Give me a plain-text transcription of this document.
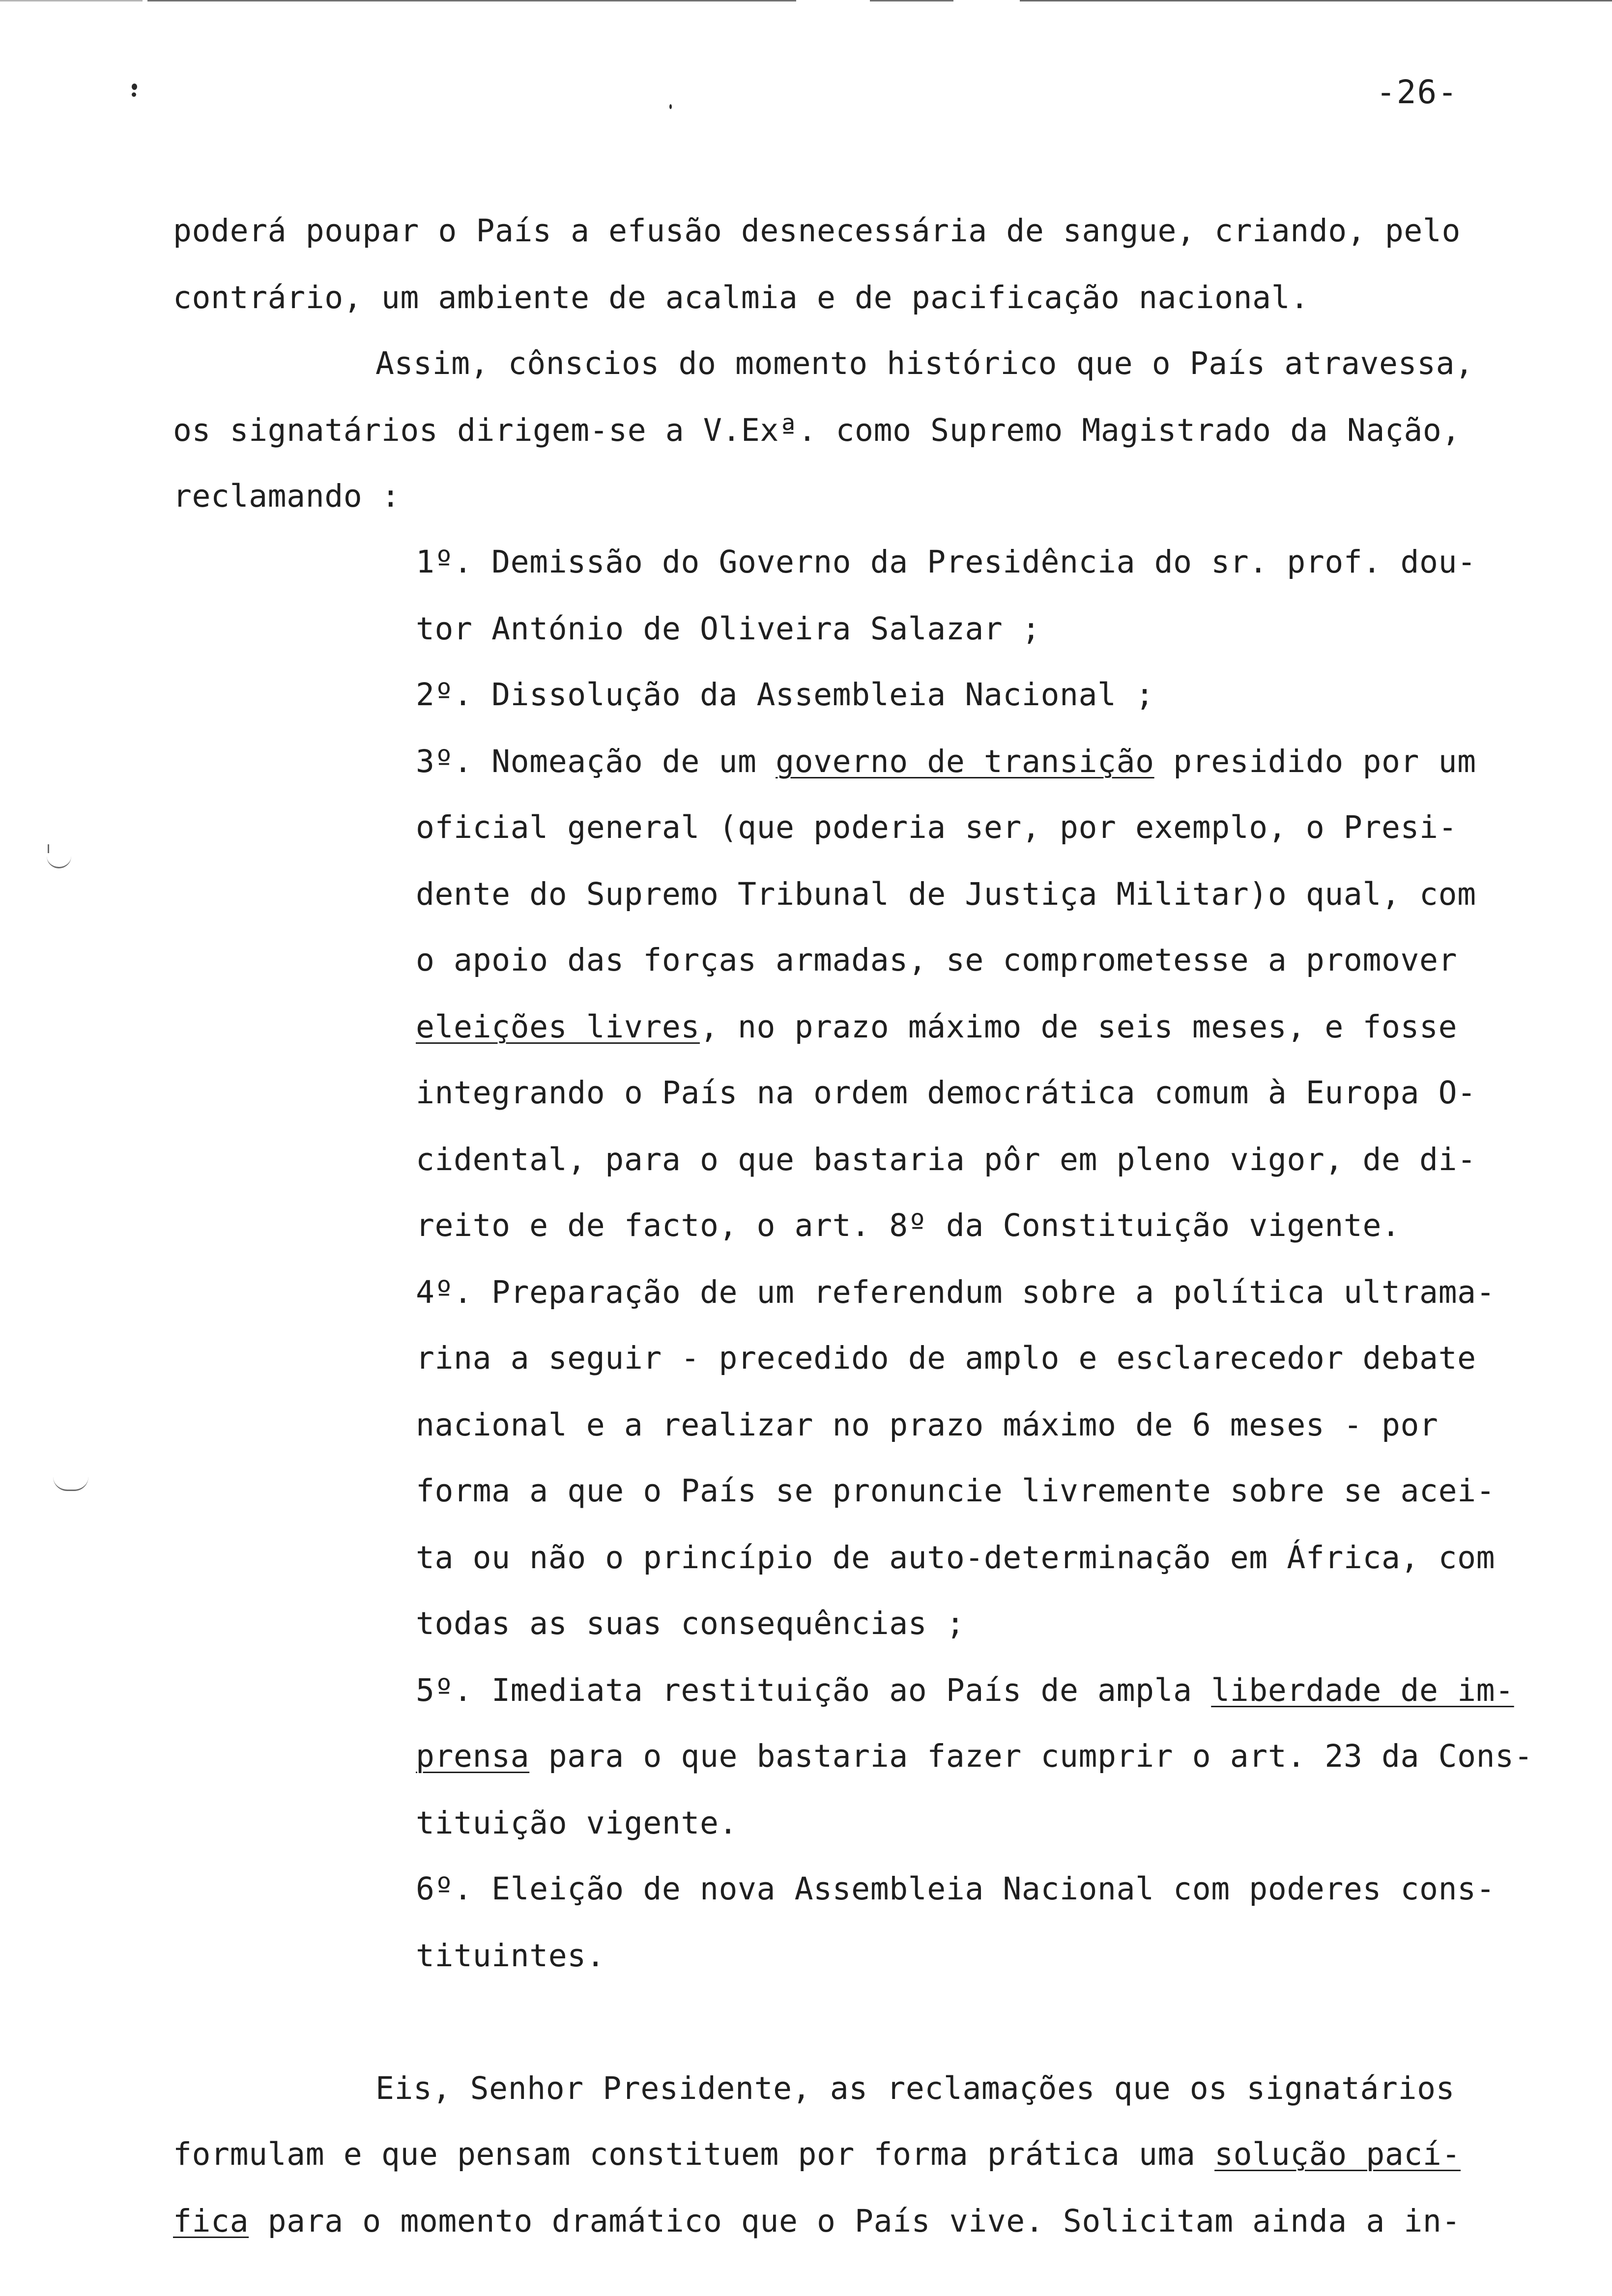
-26-
poderá poupar o País a efusão desnecessária de sangue, criando, pelo
contrário, um ambiente de acalmia e de pacificação nacional.
Assim, cônscios do momento histórico que o País atravessa,
os signatários dirigem-se a V.Exª. como Supremo Magistrado da Nação,
reclamando :
1º. Demissão do Governo da Presidência do sr. prof. dou-
tor António de Oliveira Salazar ;
2º. Dissolução da Assembleia Nacional ;
3º. Nomeação de um governo de transição presidido por um
oficial general (que poderia ser, por exemplo, o Presi-
dente do Supremo Tribunal de Justiça Militar)o qual, com
o apoio das forças armadas, se comprometesse a promover
eleições livres, no prazo máximo de seis meses, e fosse
integrando o País na ordem democrática comum à Europa O-
cidental, para o que bastaria pôr em pleno vigor, de di-
reito e de facto, o art. 8º da Constituição vigente.
4º. Preparação de um referendum sobre a política ultrama-
rina a seguir - precedido de amplo e esclarecedor debate
nacional e a realizar no prazo máximo de 6 meses - por
forma a que o País se pronuncie livremente sobre se acei-
ta ou não o princípio de auto-determinação em África, com
todas as suas consequências ;
5º. Imediata restituição ao País de ampla liberdade de im-
prensa para o que bastaria fazer cumprir o art. 23 da Cons-
tituição vigente.
6º. Eleição de nova Assembleia Nacional com poderes cons-
tituintes.
Eis, Senhor Presidente, as reclamações que os signatários
formulam e que pensam constituem por forma prática uma solução pací-
fica para o momento dramático que o País vive. Solicitam ainda a in-
